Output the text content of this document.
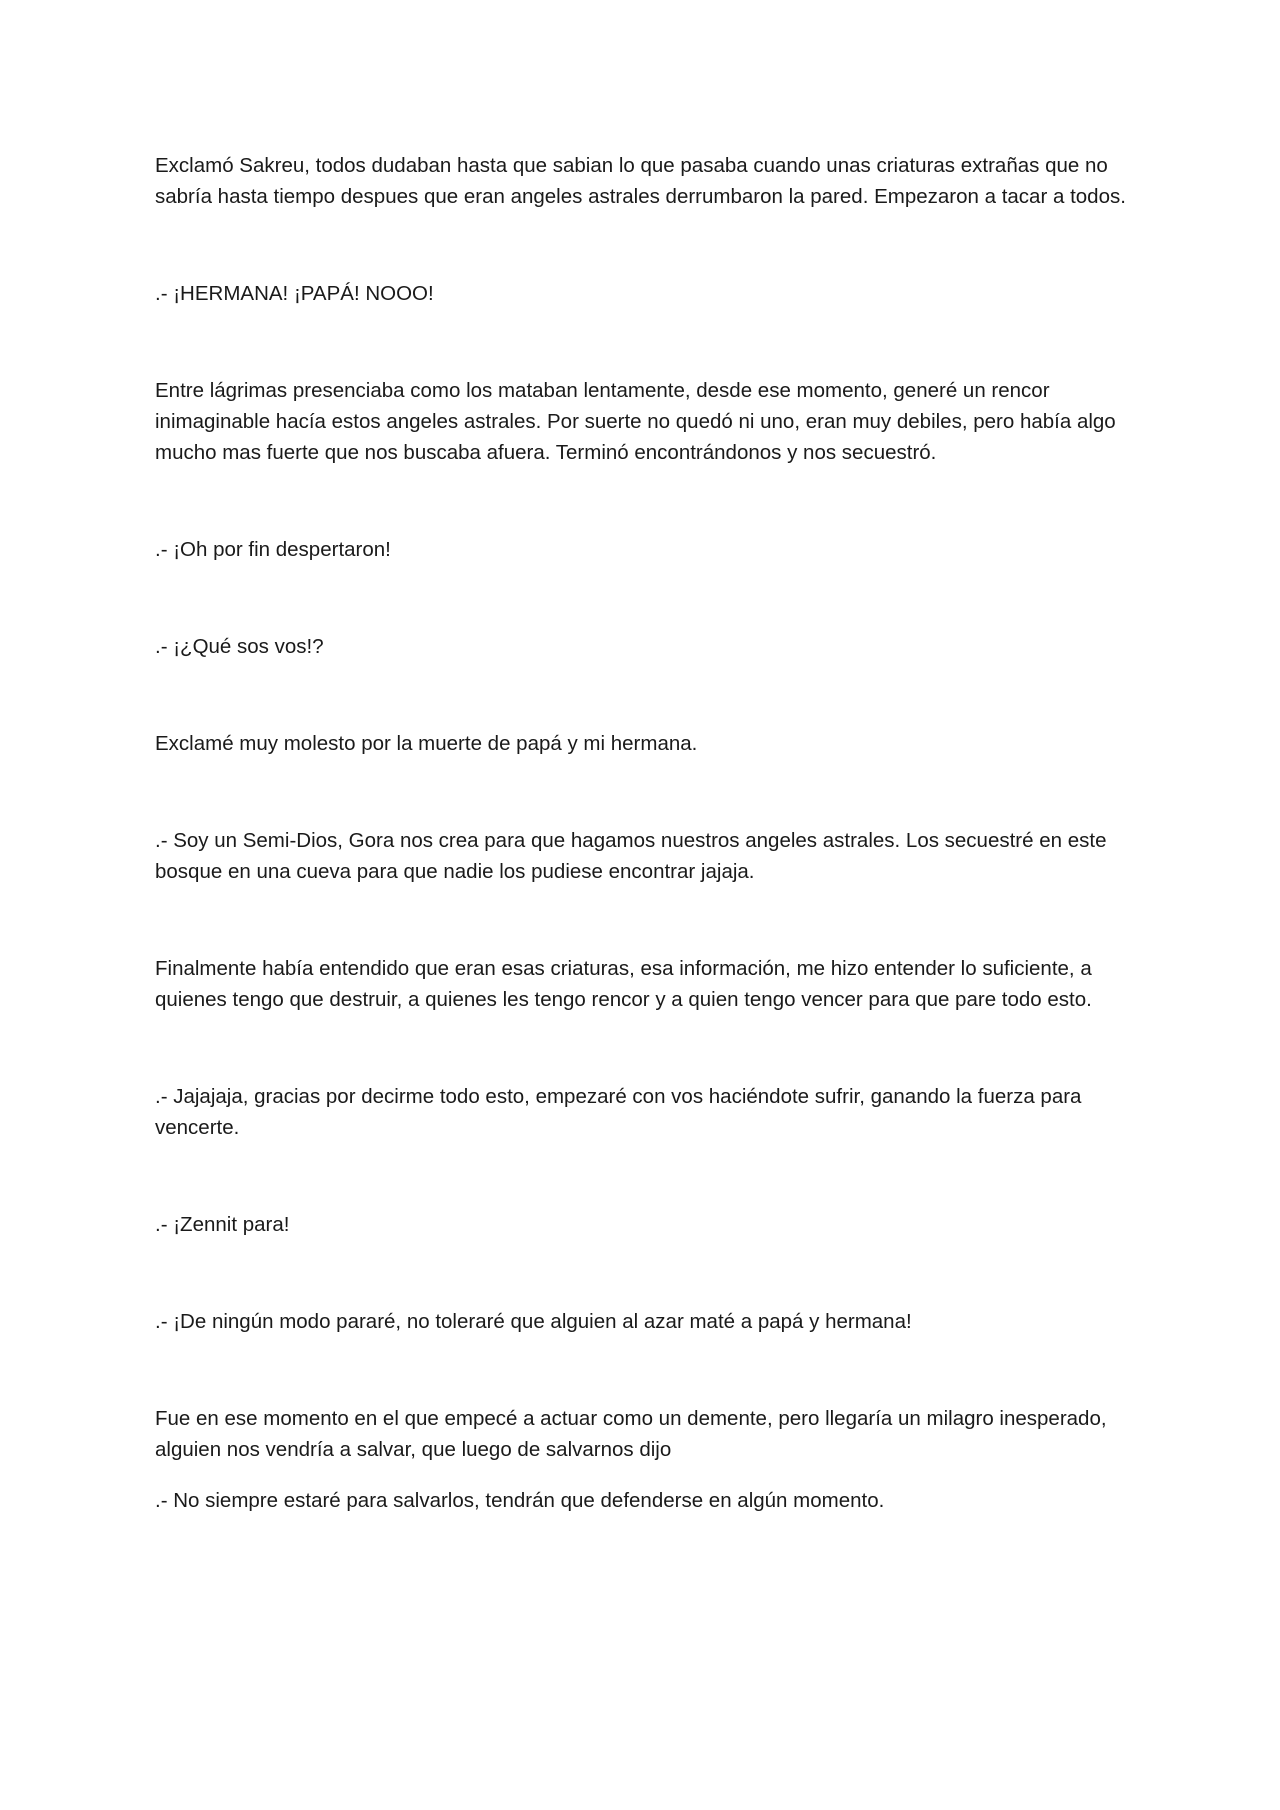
Exclamó Sakreu, todos dudaban hasta que sabian lo que pasaba cuando unas criaturas extrañas que no sabría hasta tiempo despues que eran angeles astrales derrumbaron la pared. Empezaron a tacar a todos.

.- ¡HERMANA! ¡PAPÁ! NOOO!

Entre lágrimas presenciaba como los mataban lentamente, desde ese momento, generé un rencor inimaginable hacía estos angeles astrales. Por suerte no quedó ni uno, eran muy debiles, pero había algo mucho mas fuerte que nos buscaba afuera. Terminó encontrándonos y nos secuestró.

.- ¡Oh por fin despertaron!

.- ¡¿Qué sos vos!?

Exclamé muy molesto por la muerte de papá y mi hermana.

.- Soy un Semi-Dios, Gora nos crea para que hagamos nuestros angeles astrales. Los secuestré en este bosque en una cueva para que nadie los pudiese encontrar jajaja.

Finalmente había entendido que eran esas criaturas, esa información, me hizo entender lo suficiente, a quienes tengo que destruir, a quienes les tengo rencor y a quien tengo vencer para que pare todo esto.

.- Jajajaja, gracias por decirme todo esto, empezaré con vos haciéndote sufrir, ganando la fuerza para vencerte.

.- ¡Zennit para!

.- ¡De ningún modo pararé, no toleraré que alguien al azar maté a papá y hermana!

Fue en ese momento en el que empecé a actuar como un demente, pero llegaría un milagro inesperado, alguien nos vendría a salvar, que luego de salvarnos dijo

.- No siempre estaré para salvarlos, tendrán que defenderse en algún momento.
